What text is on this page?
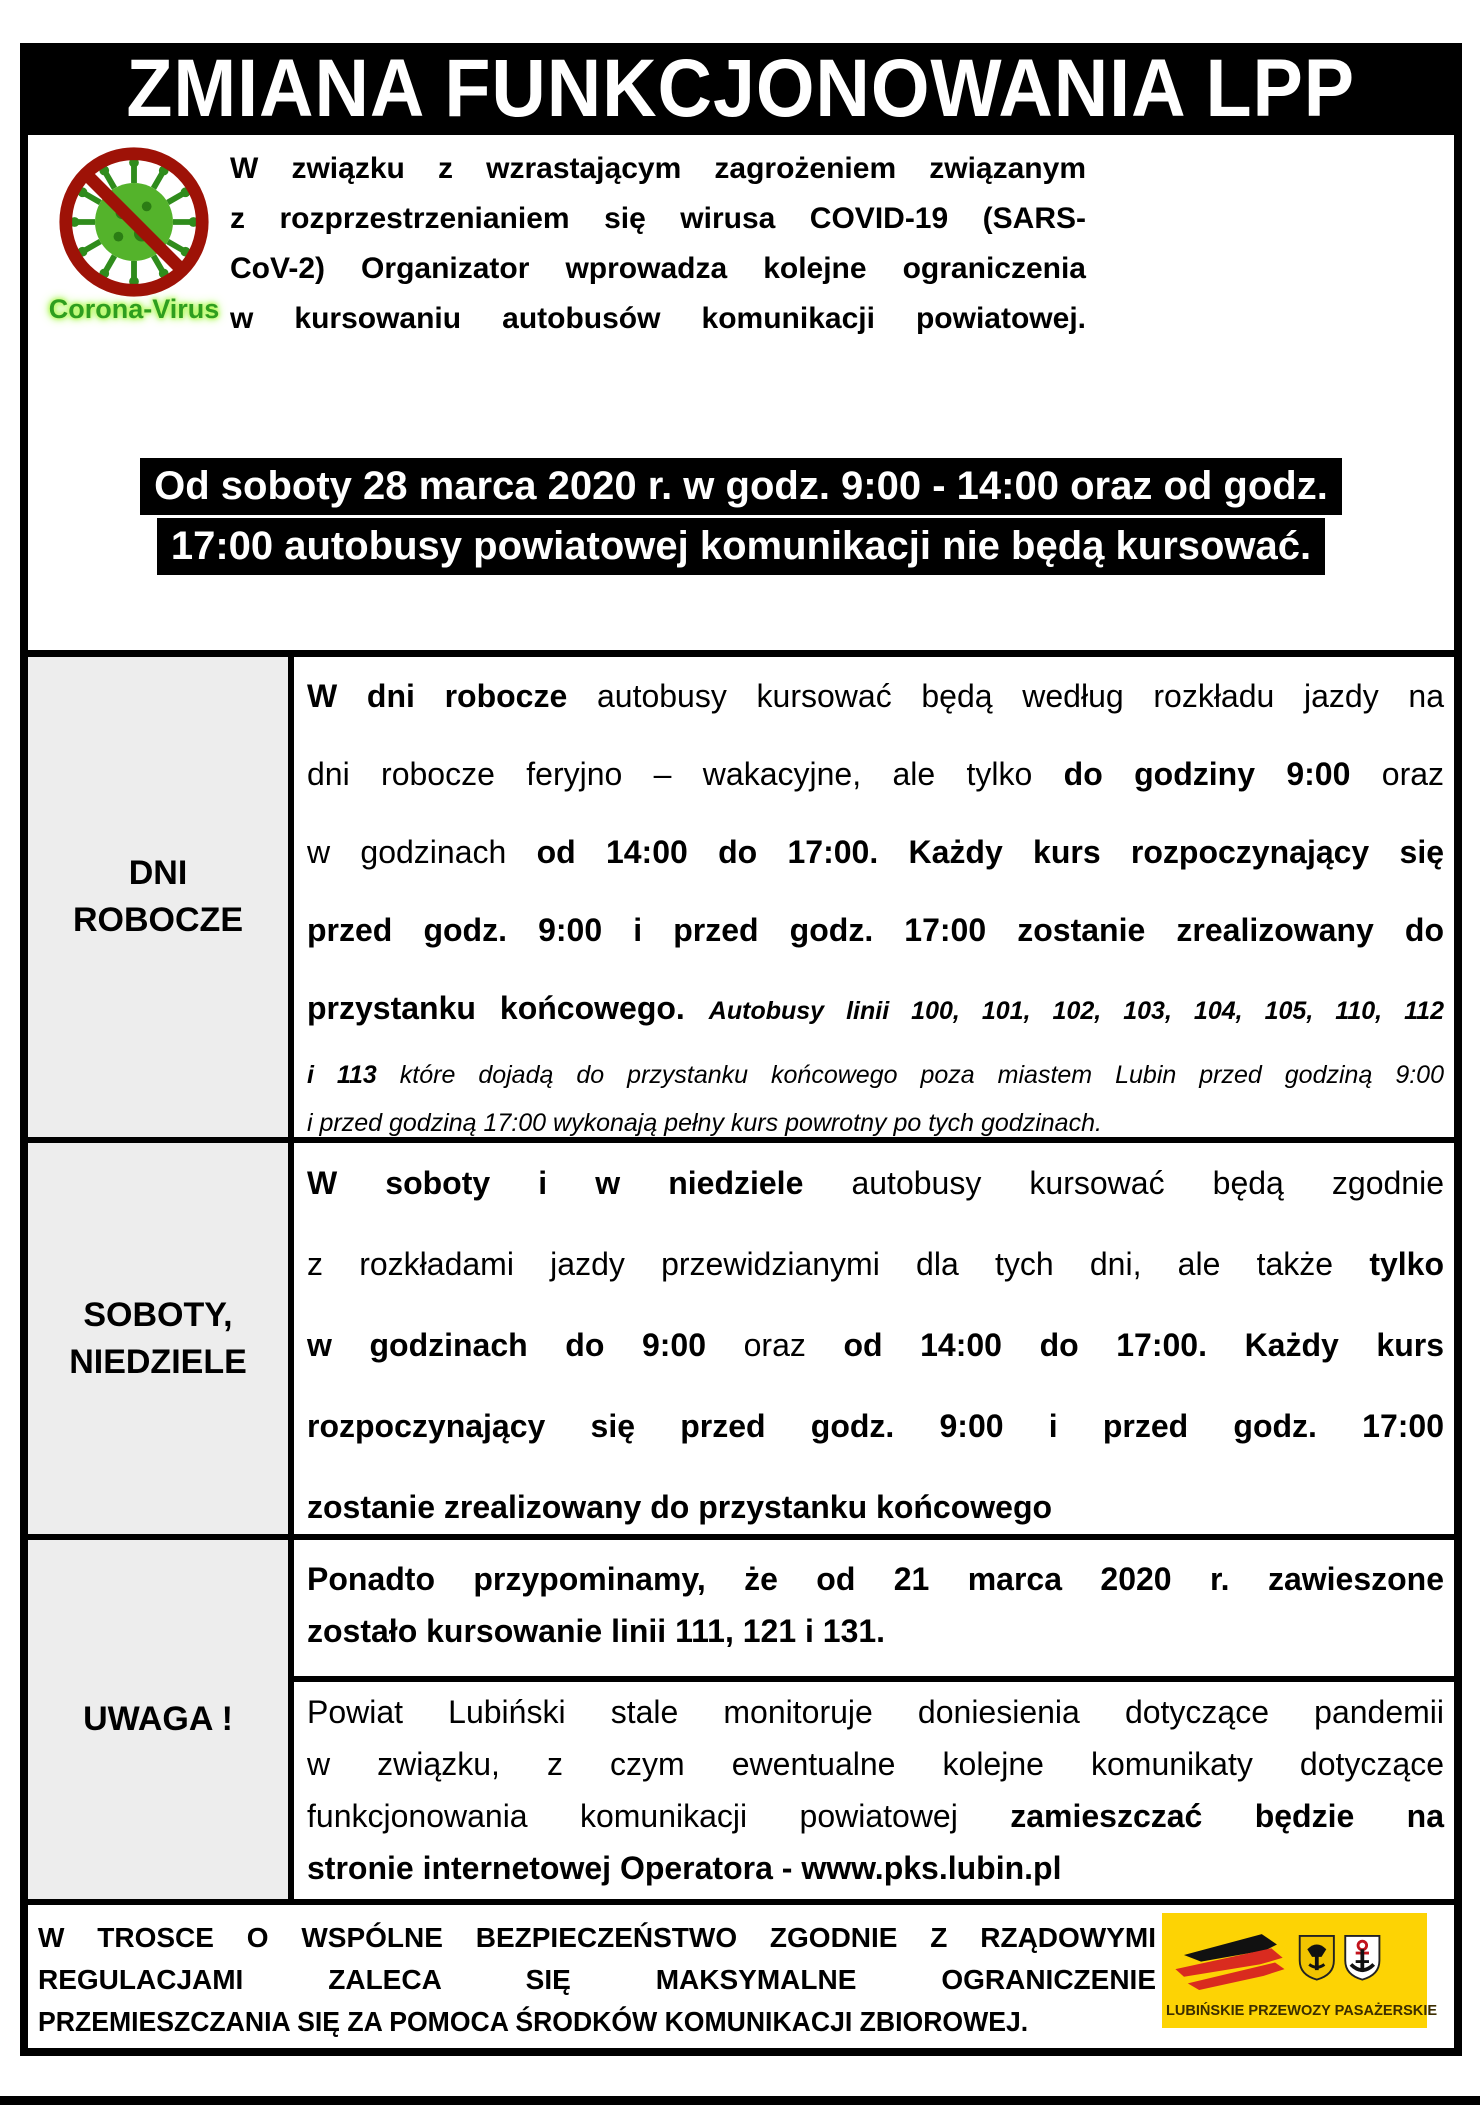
ZMIANA FUNKCJONOWANIA LPP
Corona-Virus
W związku z wzrastającym zagrożeniem związanym
z rozprzestrzenianiem się wirusa COVID-19 (SARS-
CoV-2) Organizator wprowadza kolejne ograniczenia
w kursowaniu autobusów komunikacji powiatowej.
Od soboty 28 marca 2020 r. w godz. 9:00 - 14:00 oraz od godz.
17:00 autobusy powiatowej komunikacji nie będą kursować.
DNI
ROBOCZE
W dni robocze autobusy kursować będą według rozkładu jazdy na
dni robocze feryjno – wakacyjne, ale tylko do godziny 9:00 oraz
w godzinach od 14:00 do 17:00. Każdy kurs rozpoczynający się
przed godz. 9:00 i przed godz. 17:00 zostanie zrealizowany do
przystanku końcowego. Autobusy linii 100, 101, 102, 103, 104, 105, 110, 112
i 113 które dojadą do przystanku końcowego poza miastem Lubin przed godziną 9:00
i przed godziną 17:00 wykonają pełny kurs powrotny po tych godzinach.
SOBOTY,
NIEDZIELE
W soboty i w niedziele autobusy kursować będą zgodnie
z rozkładami jazdy przewidzianymi dla tych dni, ale także tylko
w godzinach do 9:00 oraz od 14:00 do 17:00. Każdy kurs
rozpoczynający się przed godz. 9:00 i przed godz. 17:00
zostanie zrealizowany do przystanku końcowego
UWAGA !
Ponadto przypominamy, że od 21 marca 2020 r. zawieszone
zostało kursowanie linii 111, 121 i 131.
Powiat Lubiński stale monitoruje doniesienia dotyczące pandemii
w związku, z czym ewentualne kolejne komunikaty dotyczące
funkcjonowania komunikacji powiatowej zamieszczać będzie na
stronie internetowej Operatora - www.pks.lubin.pl
W TROSCE O WSPÓLNE BEZPIECZEŃSTWO ZGODNIE Z RZĄDOWYMI
REGULACJAMI ZALECA SIĘ MAKSYMALNE OGRANICZENIE
PRZEMIESZCZANIA SIĘ ZA POMOCA ŚRODKÓW KOMUNIKACJI ZBIOROWEJ.	LUBIŃSKIE PRZEWOZY PASAŻERSKIE
